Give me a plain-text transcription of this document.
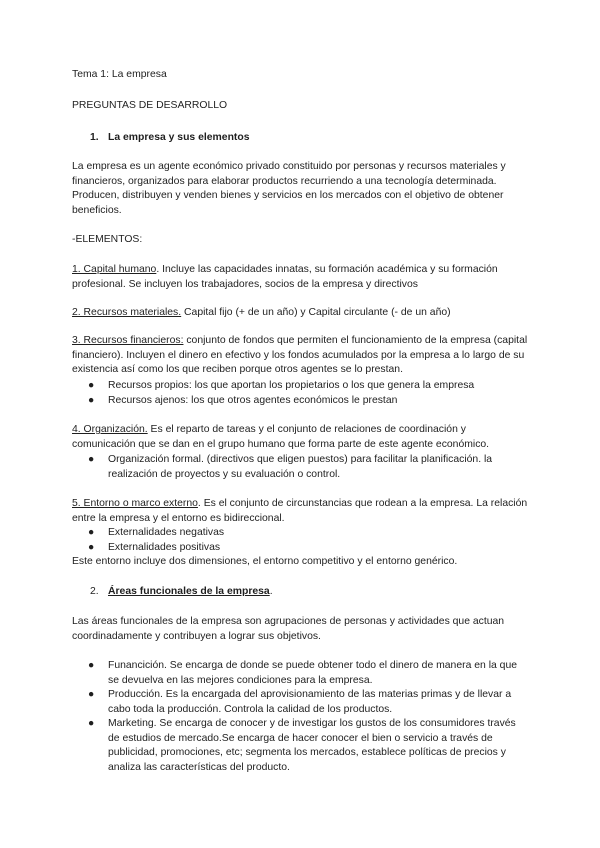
Tema 1: La empresa

PREGUNTAS DE DESARROLLO

1. La empresa y sus elementos

La empresa es un agente económico privado constituido por personas y recursos materiales y financieros, organizados para elaborar productos recurriendo a una tecnología determinada. Producen, distribuyen y venden bienes y servicios en los mercados con el objetivo de obtener beneficios.

-ELEMENTOS:

1. Capital humano. Incluye las capacidades innatas, su formación académica y su formación profesional. Se incluyen los trabajadores, socios de la empresa y directivos

2. Recursos materiales. Capital fijo (+ de un año) y Capital circulante (- de un año)

3. Recursos financieros: conjunto de fondos que permiten el funcionamiento de la empresa (capital financiero). Incluyen el dinero en efectivo y los fondos acumulados por la empresa a lo largo de su existencia así como los que reciben porque otros agentes se lo prestan.

● Recursos propios: los que aportan los propietarios o los que genera la empresa

● Recursos ajenos: los que otros agentes económicos le prestan

4. Organización. Es el reparto de tareas y el conjunto de relaciones de coordinación y comunicación que se dan en el grupo humano que forma parte de este agente económico.

● Organización formal. (directivos que eligen puestos) para facilitar la planificación. la realización de proyectos y su evaluación o control.

5. Entorno o marco externo. Es el conjunto de circunstancias que rodean a la empresa. La relación entre la empresa y el entorno es bidireccional.

● Externalidades negativas

● Externalidades positivas

Este entorno incluye dos dimensiones, el entorno competitivo y el entorno genérico.

2. Áreas funcionales de la empresa.

Las áreas funcionales de la empresa son agrupaciones de personas y actividades que actuan coordinadamente y contribuyen a lograr sus objetivos.

● Funancición. Se encarga de donde se puede obtener todo el dinero de manera en la que se devuelva en las mejores condiciones para la empresa.

● Producción. Es la encargada del aprovisionamiento de las materias primas y de llevar a cabo toda la producción. Controla la calidad de los productos.

● Marketing. Se encarga de conocer y de investigar los gustos de los consumidores través de estudios de mercado.Se encarga de hacer conocer el bien o servicio a través de publicidad, promociones, etc; segmenta los mercados, establece políticas de precios y analiza las características del producto.
